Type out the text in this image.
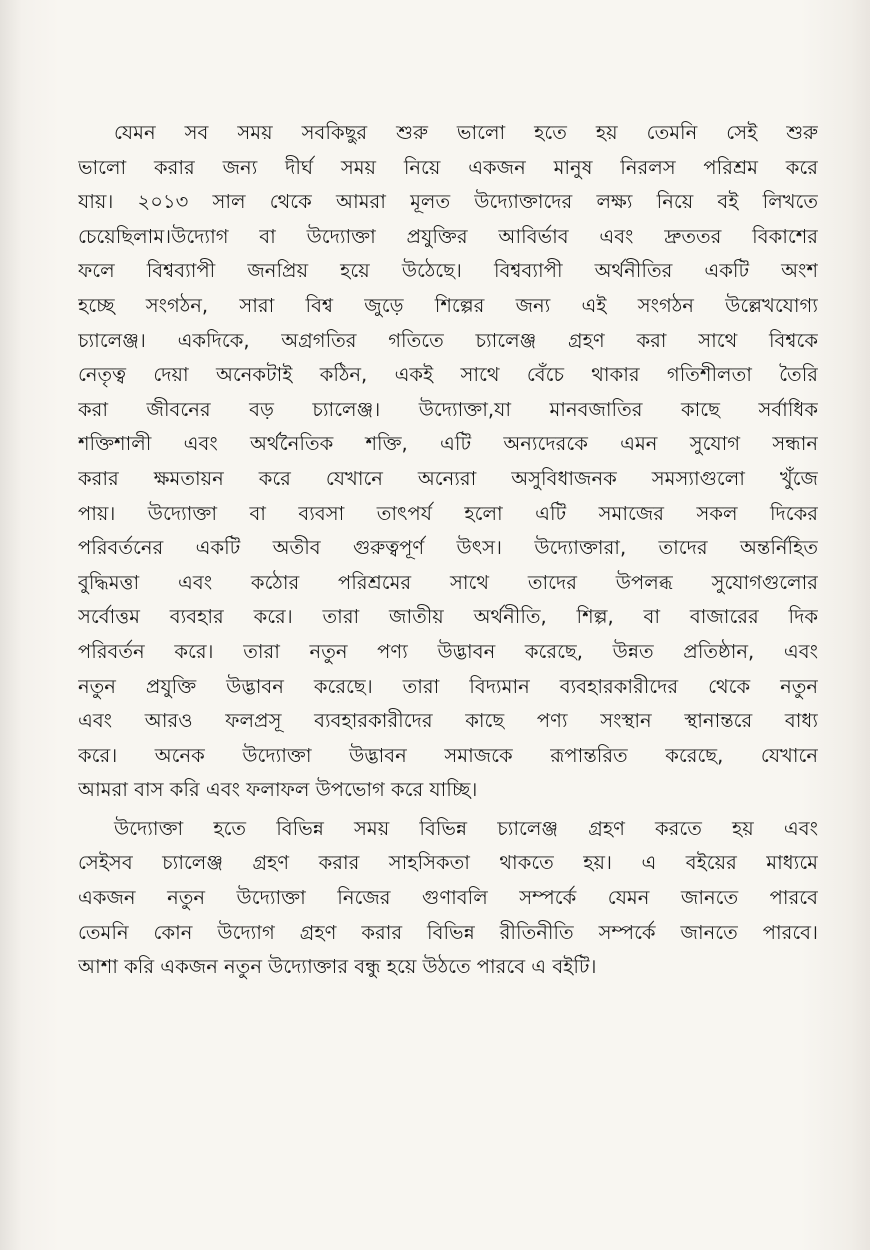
যেমন সব সময় সবকিছুর শুরু ভালো হতে হয় তেমনি সেই শুরু
ভালো করার জন্য দীর্ঘ সময় নিয়ে একজন মানুষ নিরলস পরিশ্রম করে
যায়। ২০১৩ সাল থেকে আমরা মূলত উদ্যোক্তাদের লক্ষ্য নিয়ে বই লিখতে
চেয়েছিলাম।উদ্যোগ বা উদ্যোক্তা প্রযুক্তির আবির্ভাব এবং দ্রুততর বিকাশের
ফলে বিশ্বব্যাপী জনপ্রিয় হয়ে উঠেছে। বিশ্বব্যাপী অর্থনীতির একটি অংশ
হচ্ছে সংগঠন, সারা বিশ্ব জুড়ে শিল্পের জন্য এই সংগঠন উল্লেখযোগ্য
চ্যালেঞ্জ। একদিকে, অগ্রগতির গতিতে চ্যালেঞ্জ গ্রহণ করা সাথে বিশ্বকে
নেতৃত্ব দেয়া অনেকটাই কঠিন, একই সাথে বেঁচে থাকার গতিশীলতা তৈরি
করা জীবনের বড় চ্যালেঞ্জ। উদ্যোক্তা,যা মানবজাতির কাছে সর্বাধিক
শক্তিশালী এবং অর্থনৈতিক শক্তি, এটি অন্যদেরকে এমন সুযোগ সন্ধান
করার ক্ষমতায়ন করে যেখানে অন্যেরা অসুবিধাজনক সমস্যাগুলো খুঁজে
পায়। উদ্যোক্তা বা ব্যবসা তাৎপর্য হলো এটি সমাজের সকল দিকের
পরিবর্তনের একটি অতীব গুরুত্বপূর্ণ উৎস। উদ্যোক্তারা, তাদের অন্তর্নিহিত
বুদ্ধিমত্তা এবং কঠোর পরিশ্রমের সাথে তাদের উপলব্ধ সুযোগগুলোর
সর্বোত্তম ব্যবহার করে। তারা জাতীয় অর্থনীতি, শিল্প, বা বাজারের দিক
পরিবর্তন করে। তারা নতুন পণ্য উদ্ভাবন করেছে, উন্নত প্রতিষ্ঠান, এবং
নতুন প্রযুক্তি উদ্ভাবন করেছে। তারা বিদ্যমান ব্যবহারকারীদের থেকে নতুন
এবং আরও ফলপ্রসূ ব্যবহারকারীদের কাছে পণ্য সংস্থান স্থানান্তরে বাধ্য
করে। অনেক উদ্যোক্তা উদ্ভাবন সমাজকে রূপান্তরিত করেছে, যেখানে
আমরা বাস করি এবং ফলাফল উপভোগ করে যাচ্ছি।
উদ্যোক্তা হতে বিভিন্ন সময় বিভিন্ন চ্যালেঞ্জ গ্রহণ করতে হয় এবং
সেইসব চ্যালেঞ্জ গ্রহণ করার সাহসিকতা থাকতে হয়। এ বইয়ের মাধ্যমে
একজন নতুন উদ্যোক্তা নিজের গুণাবলি সম্পর্কে যেমন জানতে পারবে
তেমনি কোন উদ্যোগ গ্রহণ করার বিভিন্ন রীতিনীতি সম্পর্কে জানতে পারবে।
আশা করি একজন নতুন উদ্যোক্তার বন্ধু হয়ে উঠতে পারবে এ বইটি।
